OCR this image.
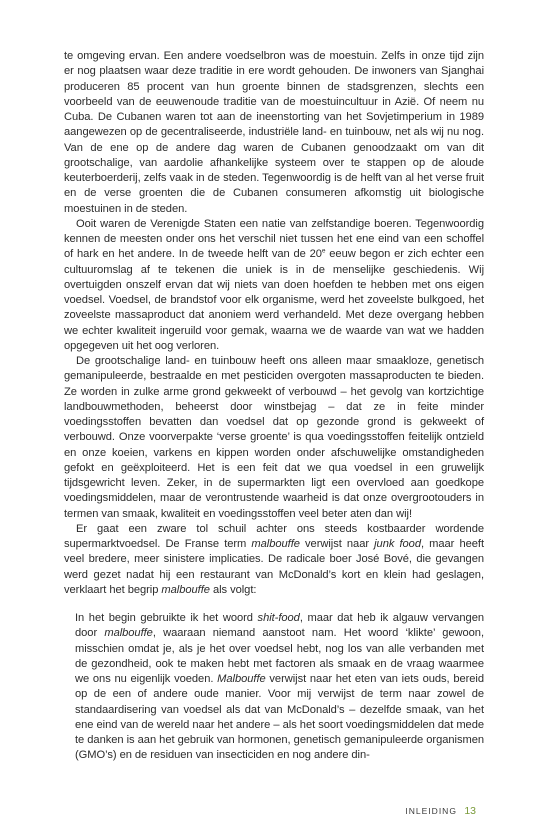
te omgeving ervan. Een andere voedselbron was de moestuin. Zelfs in onze tijd zijn er nog plaatsen waar deze traditie in ere wordt gehouden. De inwoners van Sjanghai produceren 85 procent van hun groente binnen de stadsgrenzen, slechts een voorbeeld van de eeuwenoude traditie van de moestuincultuur in Azië. Of neem nu Cuba. De Cubanen waren tot aan de ineenstorting van het Sovjetimperium in 1989 aangewezen op de gecentraliseerde, industriële land- en tuinbouw, net als wij nu nog. Van de ene op de andere dag waren de Cubanen genoodzaakt om van dit grootschalige, van aardolie afhankelijke systeem over te stappen op de aloude keuterboerderij, zelfs vaak in de steden. Tegenwoordig is de helft van al het verse fruit en de verse groenten die de Cubanen consumeren afkomstig uit biologische moestuinen in de steden.

Ooit waren de Verenigde Staten een natie van zelfstandige boeren. Tegenwoordig kennen de meesten onder ons het verschil niet tussen het ene eind van een schoffel of hark en het andere. In de tweede helft van de 20e eeuw begon er zich echter een cultuuromslag af te tekenen die uniek is in de menselijke geschiedenis. Wij overtuigden onszelf ervan dat wij niets van doen hoefden te hebben met ons eigen voedsel. Voedsel, de brandstof voor elk organisme, werd het zoveelste bulkgoed, het zoveelste massaproduct dat anoniem werd verhandeld. Met deze overgang hebben we echter kwaliteit ingeruild voor gemak, waarna we de waarde van wat we hadden opgegeven uit het oog verloren.

De grootschalige land- en tuinbouw heeft ons alleen maar smaakloze, genetisch gemanipuleerde, bestraalde en met pesticiden overgoten massaproducten te bieden. Ze worden in zulke arme grond gekweekt of verbouwd – het gevolg van kortzichtige landbouwmethoden, beheerst door winstbejag – dat ze in feite minder voedingsstoffen bevatten dan voedsel dat op gezonde grond is gekweekt of verbouwd. Onze voorverpakte ‘verse groente’ is qua voedingsstoffen feitelijk ontzield en onze koeien, varkens en kippen worden onder afschuwelijke omstandigheden gefokt en geëxploiteerd. Het is een feit dat we qua voedsel in een gruwelijk tijdsgewricht leven. Zeker, in de supermarkten ligt een overvloed aan goedkope voedingsmiddelen, maar de verontrustende waarheid is dat onze overgrootouders in termen van smaak, kwaliteit en voedingsstoffen veel beter aten dan wij!

Er gaat een zware tol schuil achter ons steeds kostbaarder wordende supermarktvoedsel. De Franse term malbouffe verwijst naar junk food, maar heeft veel bredere, meer sinistere implicaties. De radicale boer José Bové, die gevangen werd gezet nadat hij een restaurant van McDonald’s kort en klein had geslagen, verklaart het begrip malbouffe als volgt:

In het begin gebruikte ik het woord shit-food, maar dat heb ik algauw vervangen door malbouffe, waaraan niemand aanstoot nam. Het woord ‘klikte’ gewoon, misschien omdat je, als je het over voedsel hebt, nog los van alle verbanden met de gezondheid, ook te maken hebt met factoren als smaak en de vraag waarmee we ons nu eigenlijk voeden. Malbouffe verwijst naar het eten van iets ouds, bereid op de een of andere oude manier. Voor mij verwijst de term naar zowel de standaardisering van voedsel als dat van McDonald’s – dezelfde smaak, van het ene eind van de wereld naar het andere – als het soort voedingsmiddelen dat mede te danken is aan het gebruik van hormonen, genetisch gemanipuleerde organismen (GMO’s) en de residuen van insecticiden en nog andere din-

INLEIDING 13
